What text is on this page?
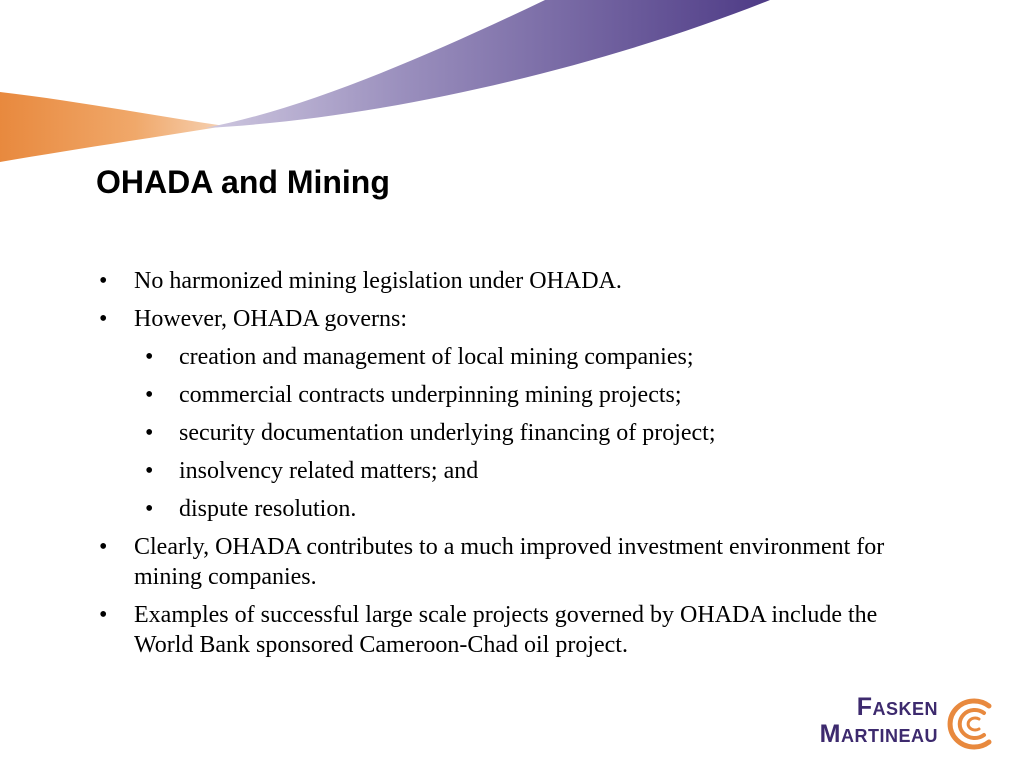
OHADA and Mining
• No harmonized mining legislation under OHADA.
• However, OHADA governs:
• creation and management of local mining companies;
• commercial contracts underpinning mining projects;
• security documentation underlying financing of project;
• insolvency related matters; and
• dispute resolution.
• Clearly, OHADA contributes to a much improved investment environment for mining companies.
• Examples of successful large scale projects governed by OHADA include the World Bank sponsored Cameroon-Chad oil project.
Fasken
Martineau
